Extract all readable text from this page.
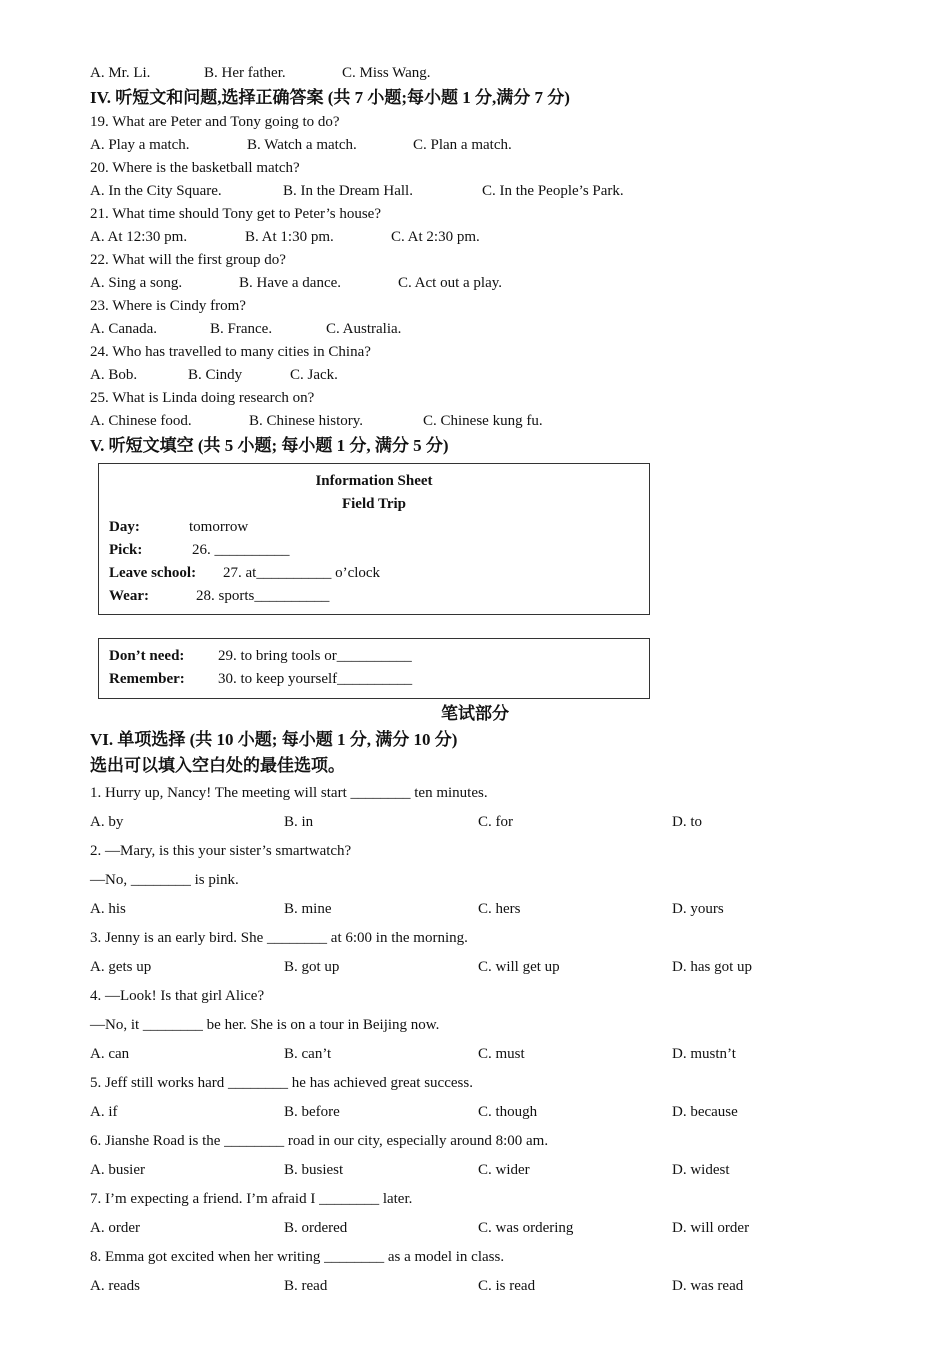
A. Mr. Li.	B. Her father.	C. Miss Wang.
IV. 听短文和问题,选择正确答案 (共 7 小题;每小题 1 分,满分 7 分)
19. What are Peter and Tony going to do?
A. Play a match.	B. Watch a match.	C. Plan a match.
20. Where is the basketball match?
A. In the City Square.	B. In the Dream Hall.	C. In the People’s Park.
21. What time should Tony get to Peter’s house?
A. At 12:30 pm.	B. At 1:30 pm.	C. At 2:30 pm.
22. What will the first group do?
A. Sing a song.	B. Have a dance.	C. Act out a play.
23. Where is Cindy from?
A. Canada.	B. France.	C. Australia.
24. Who has travelled to many cities in China?
A. Bob.	B. Cindy	C. Jack.
25. What is Linda doing research on?
A. Chinese food.	B. Chinese history.	C. Chinese kung fu.
V. 听短文填空 (共 5 小题; 每小题 1 分, 满分 5 分)
Information Sheet
Field Trip
Day:	tomorrow
Pick:	26. __________
Leave school: 27. at__________ o’clock
Wear:	28. sports__________
Don’t need: 29. to bring tools or__________
Remember: 30. to keep yourself__________
笔试部分
VI. 单项选择 (共 10 小题; 每小题 1 分, 满分 10 分)
选出可以填入空白处的最佳选项。
1. Hurry up, Nancy! The meeting will start ________ ten minutes.
A. by	B. in	C. for	D. to
2. —Mary, is this your sister’s smartwatch?
—No, ________ is pink.
A. his	B. mine	C. hers	D. yours
3. Jenny is an early bird. She ________ at 6:00 in the morning.
A. gets up	B. got up	C. will get up	D. has got up
4. —Look! Is that girl Alice?
—No, it ________ be her. She is on a tour in Beijing now.
A. can	B. can’t	C. must	D. mustn’t
5. Jeff still works hard ________ he has achieved great success.
A. if	B. before	C. though	D. because
6. Jianshe Road is the ________ road in our city, especially around 8:00 am.
A. busier	B. busiest	C. wider	D. widest
7. I’m expecting a friend. I’m afraid I ________ later.
A. order	B. ordered	C. was ordering	D. will order
8. Emma got excited when her writing ________ as a model in class.
A. reads	B. read	C. is read	D. was read
